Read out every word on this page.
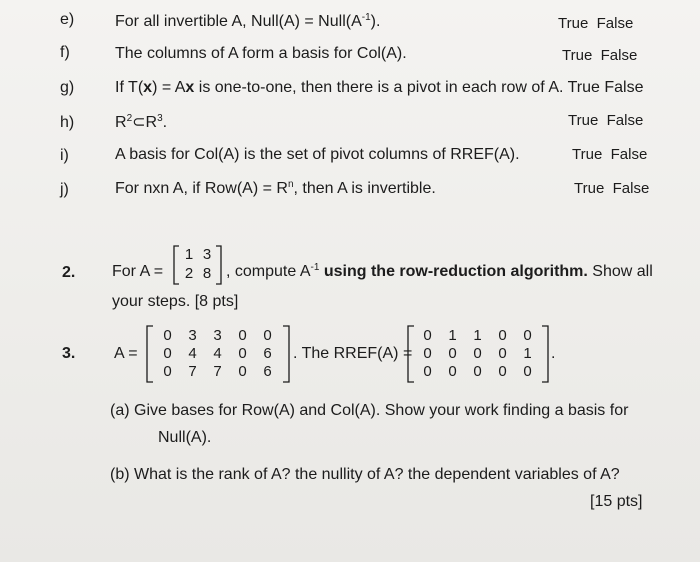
e)	For all invertible A, Null(A) = $Null(A^{-1})$.	True  False
f)	The columns of A form a basis for Col(A).	True  False
g)	If T(x) = Ax is one-to-one, then there is a pivot in each row of A. True False
h)	$R^2\subset R^3$.	True  False
i)	A basis for Col(A) is the set of pivot columns of RREF(A).	True  False
j)	For nxn A, if $Row(A) = R^n$, then A is invertible.	True  False
2. For A =
1 3
2 8 , compute $A^{-1}$ using the row-reduction algorithm. Show all
your steps. [8 pts]
3. A =
0	3	3	0	0
0	4	4	0	6
0	7	7	0	6
. The RREF(A) =
0	1	1	0	0
0	0	0	0	1
0	0	0	0	0
.
(a) Give bases for Row(A) and Col(A). Show your work finding a basis for
Null(A).
(b) What is the rank of A? the nullity of A? the dependent variables of A?
[15 pts]
